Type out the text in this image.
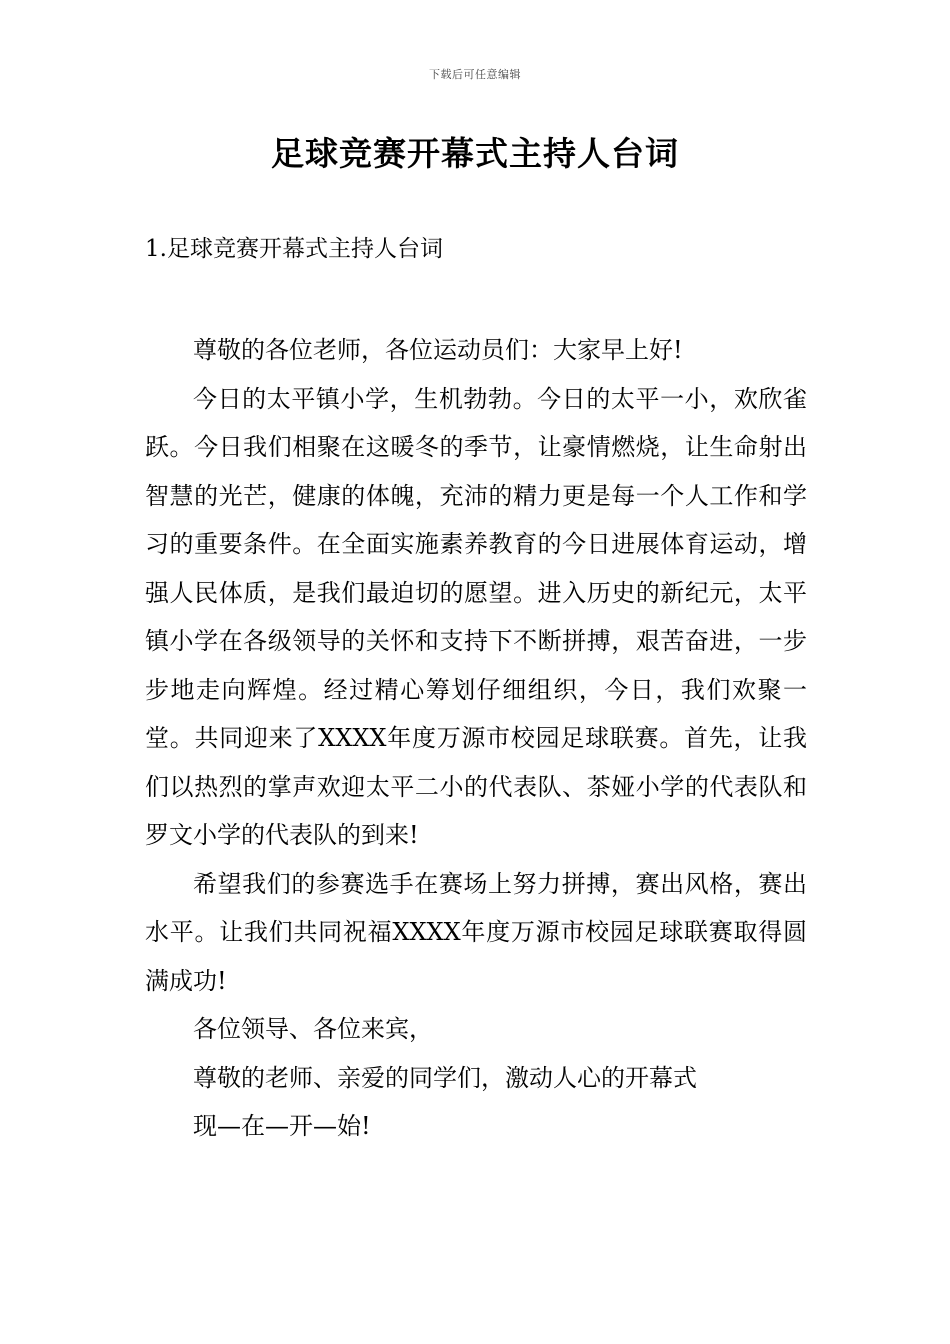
下载后可任意编辑
足球竞赛开幕式主持人台词
1.足球竞赛开幕式主持人台词

尊敬的各位老师，各位运动员们：大家早上好!

今日的太平镇小学，生机勃勃。今日的太平一小，欢欣雀跃。今日我们相聚在这暖冬的季节，让豪情燃烧，让生命射出智慧的光芒，健康的体魄，充沛的精力更是每一个人工作和学习的重要条件。在全面实施素养教育的今日进展体育运动，增强人民体质，是我们最迫切的愿望。进入历史的新纪元，太平镇小学在各级领导的关怀和支持下不断拼搏，艰苦奋进，一步步地走向辉煌。经过精心筹划仔细组织，今日，我们欢聚一堂。共同迎来了XXXX年度万源市校园足球联赛。首先，让我们以热烈的掌声欢迎太平二小的代表队、茶娅小学的代表队和罗文小学的代表队的到来!

希望我们的参赛选手在赛场上努力拼搏，赛出风格，赛出水平。让我们共同祝福XXXX年度万源市校园足球联赛取得圆满成功!

各位领导、各位来宾，

尊敬的老师、亲爱的同学们，激动人心的开幕式

现—在—开—始!
